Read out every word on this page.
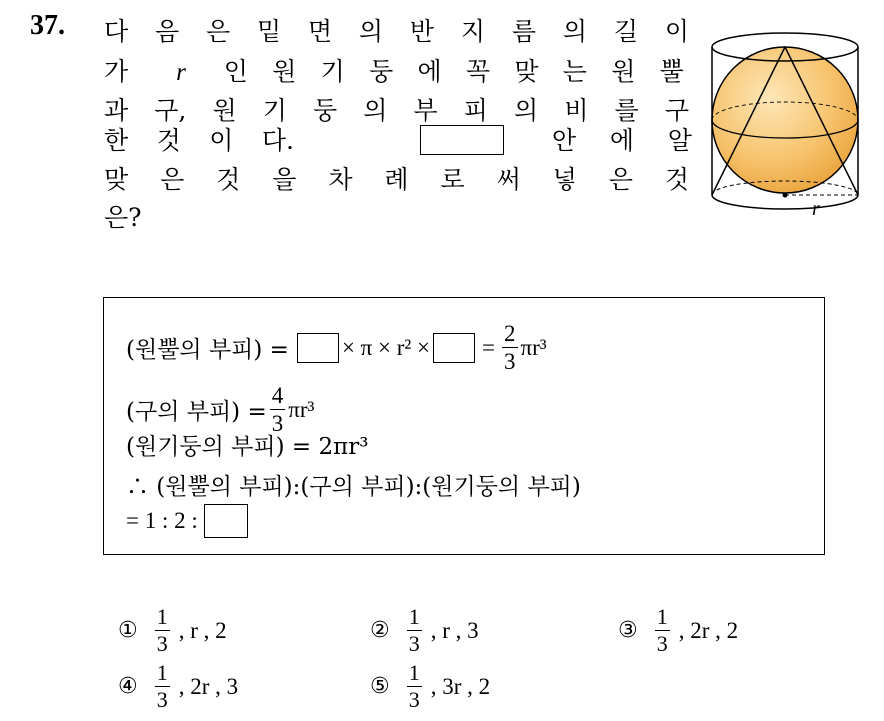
37. 다 음 은 밑 면 의 반 지 름 의 길 이
가 r 인 원 기 둥 에 꼭 맞 는 원 뿔
과 구, 원 기 둥 의 부 피 의 비 를 구
한 것 이 다.	안 에 알
맞 은 것 을 차 례 로 써 넣 은 것
은?	r
(원뿔의 부피) = × π × r² × = $\frac{2}{3} \pi r^3$
(구의 부피) = $\frac{4}{3} \pi r^3$
(원기둥의 부피) = 2πr³
∴ (원뿔의 부피):(구의 부피):(원기둥의 부피)
= 1 : 2 :
① $\frac{1}{3}$ , r , 2	② $\frac{1}{3}$ , r , 3	③ $\frac{1}{3}$ , 2r , 2
④ $\frac{1}{3}$ , 2r , 3	⑤ $\frac{1}{3}$ , 3r , 2
